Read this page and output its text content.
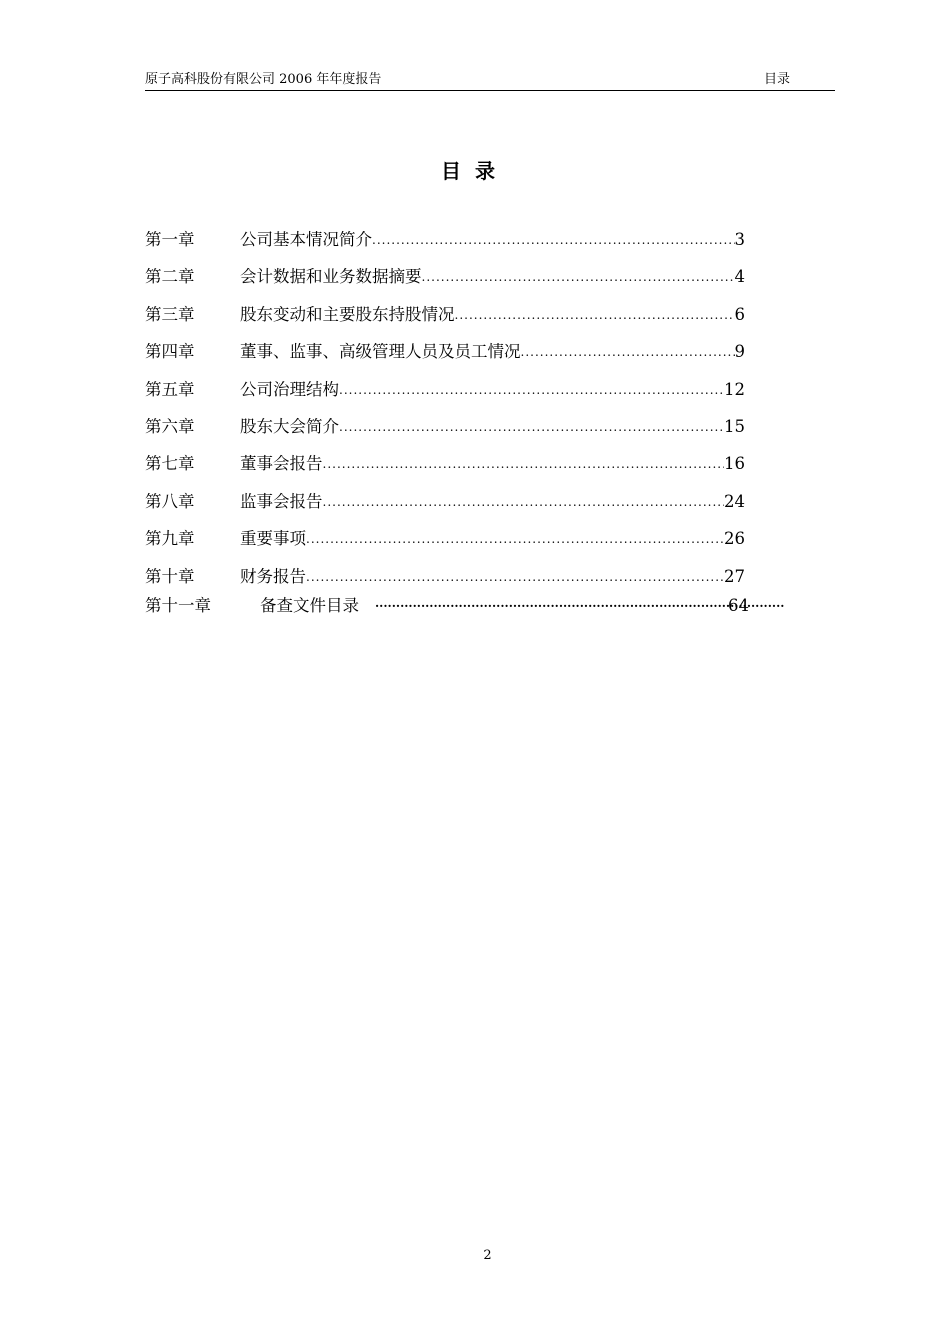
原子高科股份有限公司 2006 年年度报告	目录
目录
第一章	公司基本情况简介 .....	3
第二章	会计数据和业务数据摘要 .....	4
第三章	股东变动和主要股东持股情况 .....	6
第四章	董事、监事、高级管理人员及员工情况 .....	9
第五章	公司治理结构 .....	12
第六章	股东大会简介 .....	15
第七章	董事会报告 .....	16
第八章	监事会报告 .....	24
第九章	重要事项 .....	26
第十章	财务报告 .....	27
第十一章	备查文件目录 ·····	64
2
